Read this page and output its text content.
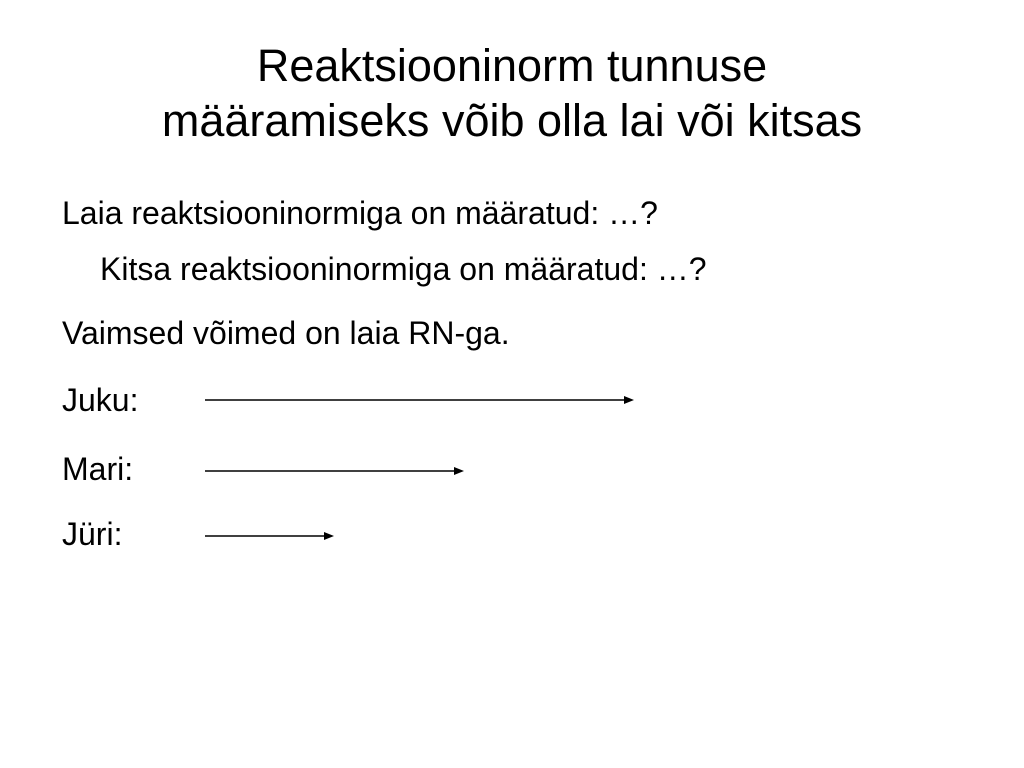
Reaktsiooninorm tunnuse
määramiseks võib olla lai või kitsas
Laia reaktsiooninormiga on määratud: …?
Kitsa reaktsiooninormiga on määratud: …?
Vaimsed võimed on laia RN-ga.
Juku:
Mari:
Jüri:
